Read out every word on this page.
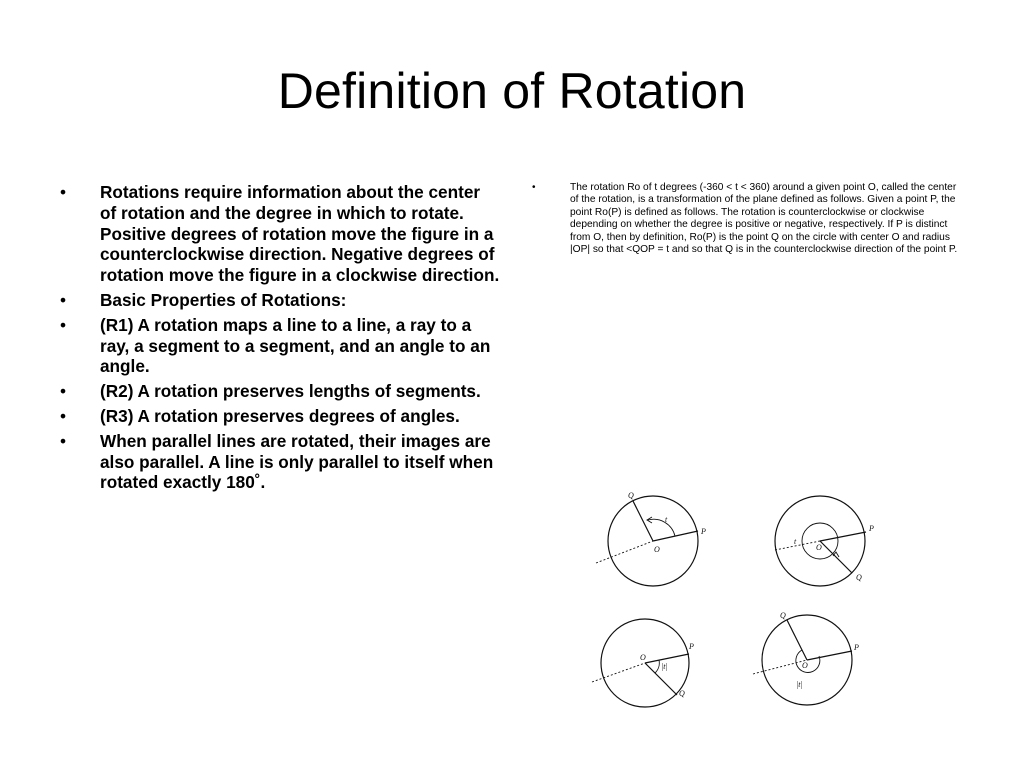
Definition of Rotation
• Rotations require information about the center of rotation and the degree in which to rotate. Positive degrees of rotation move the figure in a counterclockwise direction. Negative degrees of rotation move the figure in a clockwise direction.
• Basic Properties of Rotations:
• (R1) A rotation maps a line to a line, a ray to a ray, a segment to a segment, and an angle to an angle.
• (R2) A rotation preserves lengths of segments.
• (R3) A rotation preserves degrees of angles.
• When parallel lines are rotated, their images are also parallel. A line is only parallel to itself when rotated exactly 180˚.
•	The rotation Ro of t degrees (-360 < t < 360) around a given point O, called the center of the rotation, is a transformation of the plane defined as follows. Given a point P, the point Ro(P) is defined as follows. The rotation is counterclockwise or clockwise depending on whether the degree is positive or negative, respectively. If P is distinct from O, then by definition, Ro(P) is the point Q on the circle with center O and radius |OP| so that <QOP = t and so that Q is in the counterclockwise direction of the point P.
Q
t
P
O
P
t
O
Q
P
O
|t|
Q
Q
P
O
|t|
